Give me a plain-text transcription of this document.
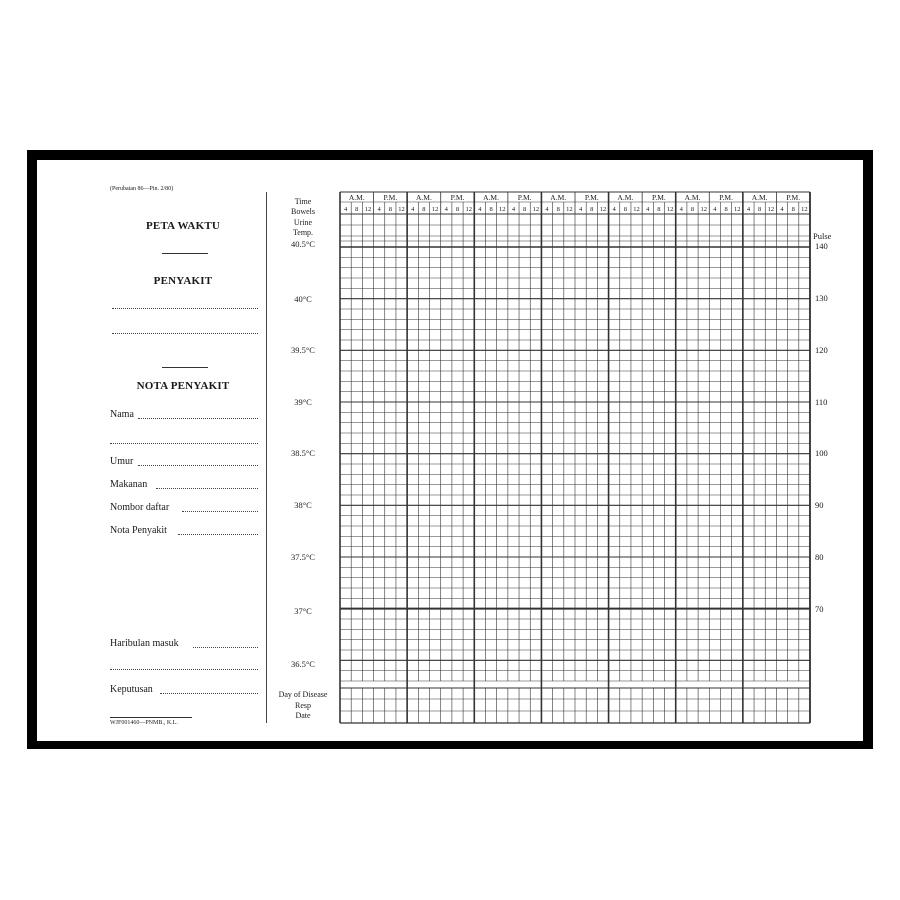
(Perubatan 86—Pin. 2/80)
PETA WAKTU
PENYAKIT
NOTA PENYAKIT
Nama
Umur
Makanan
Nombor daftar
Nota Penyakit
Haribulan masuk
Keputusan
WJF001460—PNMB., K.L.
Time
Bowels
Urine
Temp.
40.5°C
40°C
39.5°C
39°C
38.5°C
38°C
37.5°C
37°C
36.5°C
Day of Disease
Resp
Date
Pulse
140
130
120
110
100
90
80
70
A.M.	P.M.
4 8 12 4 8 12
A.M.	P.M.
4 8 12 4 8 12
A.M.	P.M.
4 8 12 4 8 12
A.M.	P.M.
4 8 12 4 8 12
A.M.	P.M.
4 8 12 4 8 12
A.M.	P.M.
4 8 12 4 8 12
A.M.	P.M.
4 8 12 4 8 12
